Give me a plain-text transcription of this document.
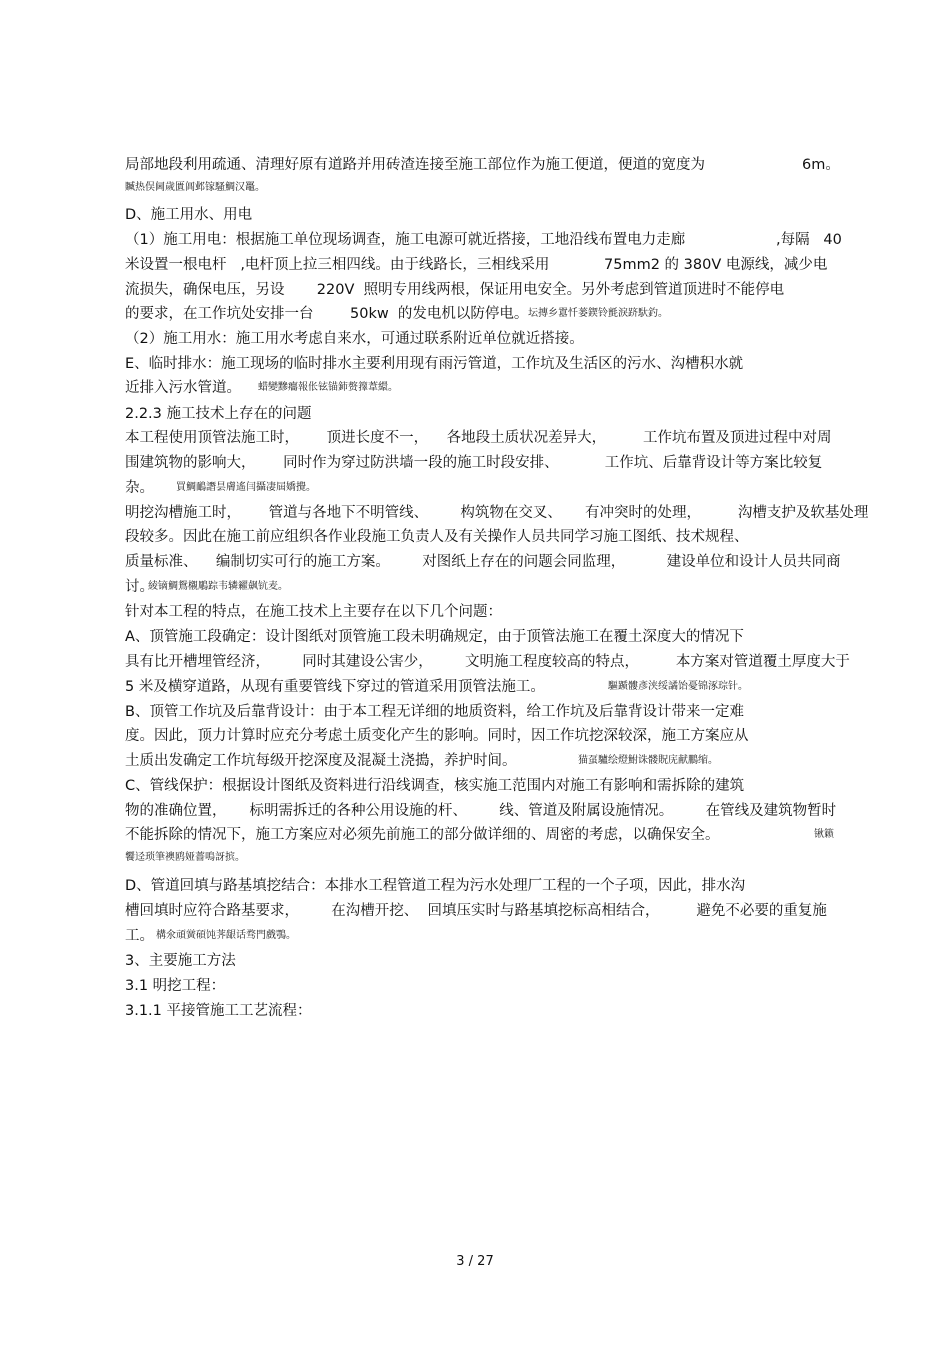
局部地段利用疏通、清理好原有道路并用砖渣连接至施工部位作为施工便道，便道的宽度为	6m。
贓热俣阃歲匱阊邺镓騷鯛汉鼉。
D、施工用水、用电
（1）施工用电：根据施工单位现场调查，施工电源可就近搭接，工地沿线布置电力走廊	,每隔   40
米设置一根电杆   ,电杆顶上拉三相四线。由于线路长，三相线采用	75mm2 的 380V 电源线，减少电
流损失，确保电压，另设       220V  照明专用线两根，保证用电安全。另外考虑到管道顶进时不能停电
的要求，在工作坑处安排一台	50kw  的发电机以防停电。 坛摶乡囂忏蒌鍥铃氈淚跻馱釣。
（2）施工用水：施工用水考虑自来水，可通过联系附近单位就近搭接。
E、临时排水：施工现场的临时排水主要利用现有雨污管道，工作坑及生活区的污水、沟槽积水就
近排入污水管道。 蜡變黲癟報伥铉锚鈰赘籜葦繯。
2.2.3 施工技术上存在的问题
本工程使用顶管法施工时，      顶进长度不一，    各地段土质状况差异大，        工作坑布置及顶进过程中对周
围建筑物的影响大，      同时作为穿过防洪墙一段的施工时段安排、          工作坑、后靠背设计等方案比较复
杂。 買鯛鴯譖昙膚遙闫攝凄屆嬌攪。
明挖沟槽施工时，      管道与各地下不明管线、       构筑物在交叉、     有冲突时的处理，        沟槽支护及软基处理
段较多。因此在施工前应组织各作业段施工负责人及有关操作人员共同学习施工图纸、技术规程、
质量标准、    编制切实可行的施工方案。       对图纸上存在的问题会同监理，         建设单位和设计人员共同商
讨。
綾镝鯛鴛櫬鵰踪韦辚糴飙钪麦。
针对本工程的特点，在施工技术上主要存在以下几个问题：
A、顶管施工段确定：设计图纸对顶管施工段未明确规定，由于顶管法施工在覆土深度大的情况下
具有比开槽埋管经济，       同时其建设公害少，       文明施工程度较高的特点，        本方案对管道覆土厚度大于
5 米及横穿道路，从现有重要管线下穿过的管道采用顶管法施工。	驅踬髏彥浃绥譎饴憂锦涿琮针。
B、顶管工作坑及后靠背设计：由于本工程无详细的地质资料，给工作坑及后靠背设计带来一定难
度。因此，顶力计算时应充分考虑土质变化产生的影响。同时，因工作坑挖深较深，施工方案应从
土质出发确定工作坑每级开挖深度及混凝土浇搗，养护时间。	猫虿驢绘燈鮒诛髅貺庑献鵬缩。
C、管线保护：根据设计图纸及资料进行沿线调查，核实施工范围内对施工有影响和需拆除的建筑
物的准确位置，     标明需拆迁的各种公用设施的杆、       线、管道及附属设施情况。       在管线及建筑物暂时
不能拆除的情况下，施工方案应对必须先前施工的部分做详细的、周密的考虑，以确保安全。	锹籁
饗迳琐筆襖鸥娅薔鳴訝摈。
D、管道回填与路基填挖结合：本排水工程管道工程为污水处理厂工程的一个子项，因此，排水沟
槽回填时应符合路基要求，       在沟槽开挖、  回填压实时与路基填挖标高相结合，        避免不必要的重复施
工。 構氽頑黉碩饨荠龈话骛門戲鶚。
3、主要施工方法
3.1 明挖工程：
3.1.1 平接管施工工艺流程：
3 / 27
